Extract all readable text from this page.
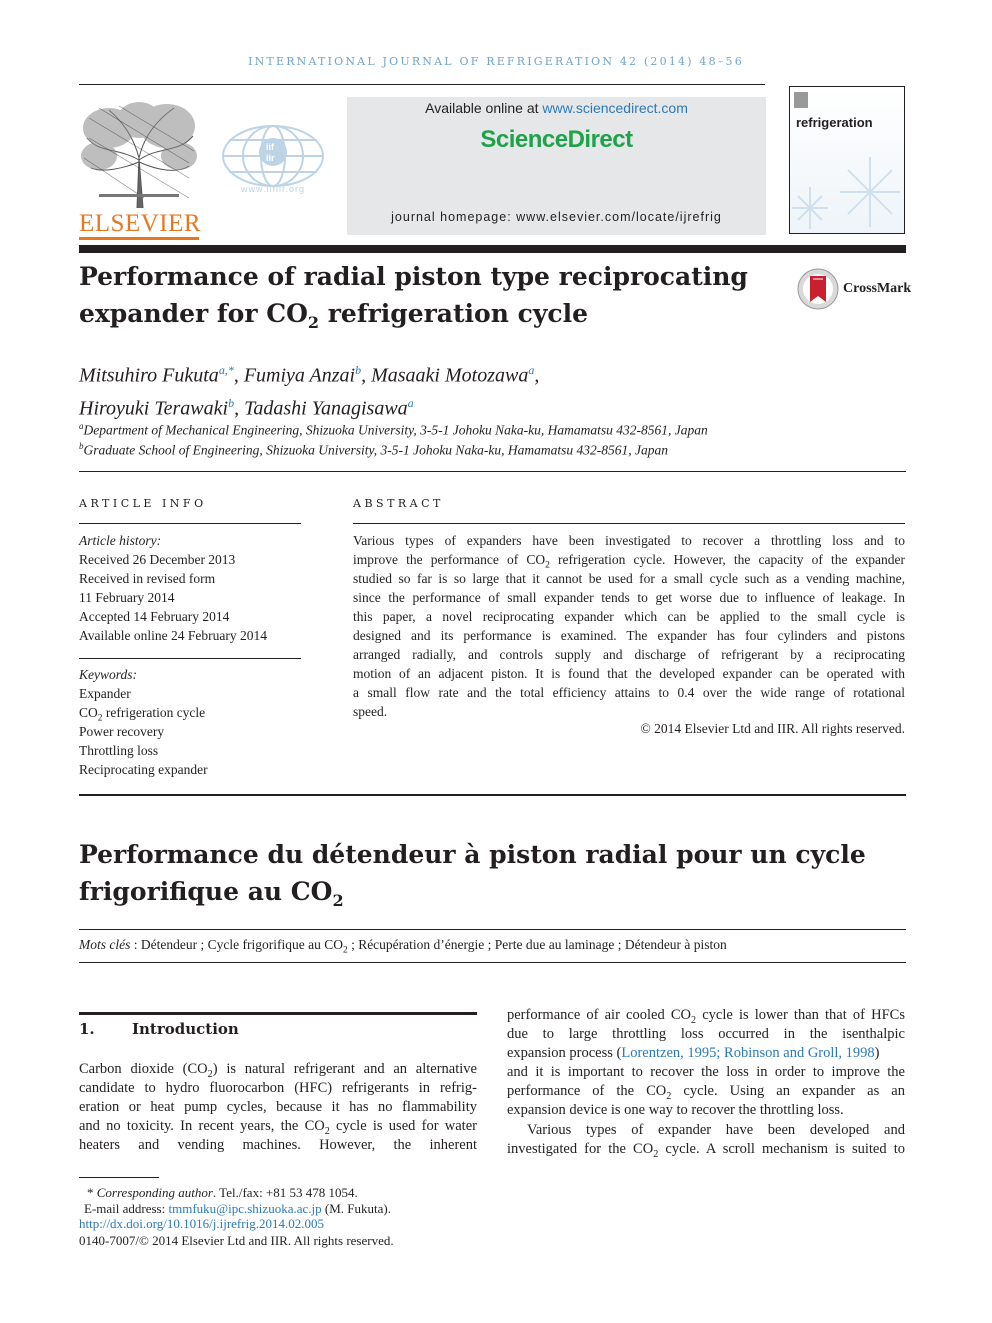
INTERNATIONAL JOURNAL OF REFRIGERATION 42 (2014) 48–56
ELSEVIER
iif
iir
www.iifiir.org
Available online at www.sciencedirect.com
ScienceDirect
journal homepage: www.elsevier.com/locate/ijrefrig
refrigeration
Performance of radial piston type reciprocating
expander for $CO_2$ refrigeration cycle
CrossMark
Mitsuhiro Fukuta$^{a,*}$, Fumiya Anzai$^b$, Masaaki Motozawa$^a$,
Hiroyuki Terawaki$^b$, Tadashi Yanagisawa$^a$
$^a$Department of Mechanical Engineering, Shizuoka University, 3-5-1 Johoku Naka-ku, Hamamatsu 432-8561, Japan
$^b$Graduate School of Engineering, Shizuoka University, 3-5-1 Johoku Naka-ku, Hamamatsu 432-8561, Japan
ARTICLE INFO
Article history:
Received 26 December 2013
Received in revised form
11 February 2014
Accepted 14 February 2014
Available online 24 February 2014
Keywords:
Expander
$CO_2$ refrigeration cycle
Power recovery
Throttling loss
Reciprocating expander
ABSTRACT
Various types of expanders have been investigated to recover a throttling loss and to
improve the performance of $CO_2$ refrigeration cycle. However, the capacity of the expander
studied so far is so large that it cannot be used for a small cycle such as a vending machine,
since the performance of small expander tends to get worse due to influence of leakage. In
this paper, a novel reciprocating expander which can be applied to the small cycle is
designed and its performance is examined. The expander has four cylinders and pistons
arranged radially, and controls supply and discharge of refrigerant by a reciprocating
motion of an adjacent piston. It is found that the developed expander can be operated with
a small flow rate and the total efficiency attains to 0.4 over the wide range of rotational
speed.
© 2014 Elsevier Ltd and IIR. All rights reserved.
Performance du détendeur à piston radial pour un cycle
frigorifique au $CO_2$
Mots clés : Détendeur ; Cycle frigorifique au $CO_2$ ; Récupération d’énergie ; Perte due au laminage ; Détendeur à piston
1. Introduction
Carbon dioxide $(CO_2)$ is natural refrigerant and an alternative
candidate to hydro fluorocarbon (HFC) refrigerants in refrig-
eration or heat pump cycles, because it has no flammability
and no toxicity. In recent years, the $CO_2$ cycle is used for water
heaters and vending machines. However, the inherent
performance of air cooled $CO_2$ cycle is lower than that of HFCs
due to large throttling loss occurred in the isenthalpic
expansion process (Lorentzen, 1995; Robinson and Groll, 1998)
and it is important to recover the loss in order to improve the
performance of the $CO_2$ cycle. Using an expander as an
expansion device is one way to recover the throttling loss.
Various types of expander have been developed and
investigated for the $CO_2$ cycle. A scroll mechanism is suited to
* Corresponding author. Tel./fax: +81 53 478 1054.
E-mail address: tmmfuku@ipc.shizuoka.ac.jp (M. Fukuta).
http://dx.doi.org/10.1016/j.ijrefrig.2014.02.005
0140-7007/© 2014 Elsevier Ltd and IIR. All rights reserved.
